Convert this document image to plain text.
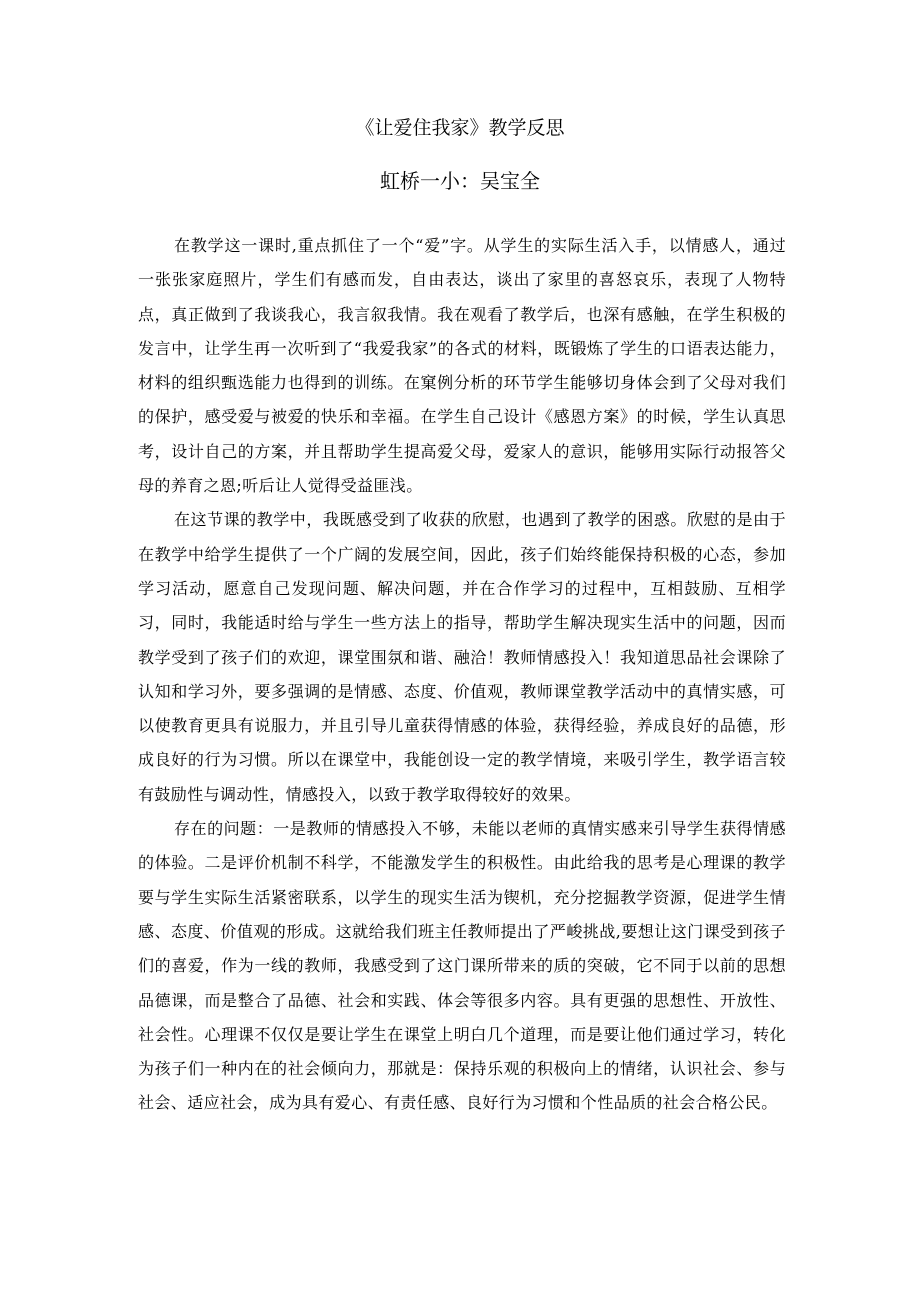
《让爱住我家》教学反思
虹桥一小：吴宝全

在教学这一课时,重点抓住了一个“爱”字。从学生的实际生活入手，以情感人，通过一张张家庭照片，学生们有感而发，自由表达，谈出了家里的喜怒哀乐，表现了人物特点，真正做到了我谈我心，我言叙我情。我在观看了教学后，也深有感触，在学生积极的发言中，让学生再一次听到了“我爱我家”的各式的材料，既锻炼了学生的口语表达能力，材料的组织甄选能力也得到的训练。在窠例分析的环节学生能够切身体会到了父母对我们的保护，感受爱与被爱的快乐和幸福。在学生自己设计《感恩方案》的时候，学生认真思考，设计自己的方案，并且帮助学生提高爱父母，爱家人的意识，能够用实际行动报答父母的养育之恩;听后让人觉得受益匪浅。

在这节课的教学中，我既感受到了收获的欣慰，也遇到了教学的困惑。欣慰的是由于在教学中给学生提供了一个广阔的发展空间，因此，孩子们始终能保持积极的心态，参加学习活动，愿意自己发现问题、解决问题，并在合作学习的过程中，互相鼓励、互相学习，同时，我能适时给与学生一些方法上的指导，帮助学生解决现实生活中的问题，因而教学受到了孩子们的欢迎，课堂围氛和谐、融洽！教师情感投入！我知道思品社会课除了认知和学习外，要多强调的是情感、态度、价值观，教师课堂教学活动中的真情实感，可以使教育更具有说服力，并且引导儿童获得情感的体验，获得经验，养成良好的品德，形成良好的行为习惯。所以在课堂中，我能创设一定的教学情境，来吸引学生，教学语言较有鼓励性与调动性，情感投入，以致于教学取得较好的效果。

存在的问题：一是教师的情感投入不够，未能以老师的真情实感来引导学生获得情感的体验。二是评价机制不科学，不能激发学生的积极性。由此给我的思考是心理课的教学要与学生实际生活紧密联系，以学生的现实生活为锲机，充分挖掘教学资源，促进学生情感、态度、价值观的形成。这就给我们班主任教师提出了严峻挑战,要想让这门课受到孩子们的喜爱，作为一线的教师，我感受到了这门课所带来的质的突破，它不同于以前的思想品德课，而是整合了品德、社会和实践、体会等很多内容。具有更强的思想性、开放性、社会性。心理课不仅仅是要让学生在课堂上明白几个道理，而是要让他们通过学习，转化为孩子们一种内在的社会倾向力，那就是：保持乐观的积极向上的情绪，认识社会、参与社会、适应社会，成为具有爱心、有责任感、良好行为习惯和个性品质的社会合格公民。
